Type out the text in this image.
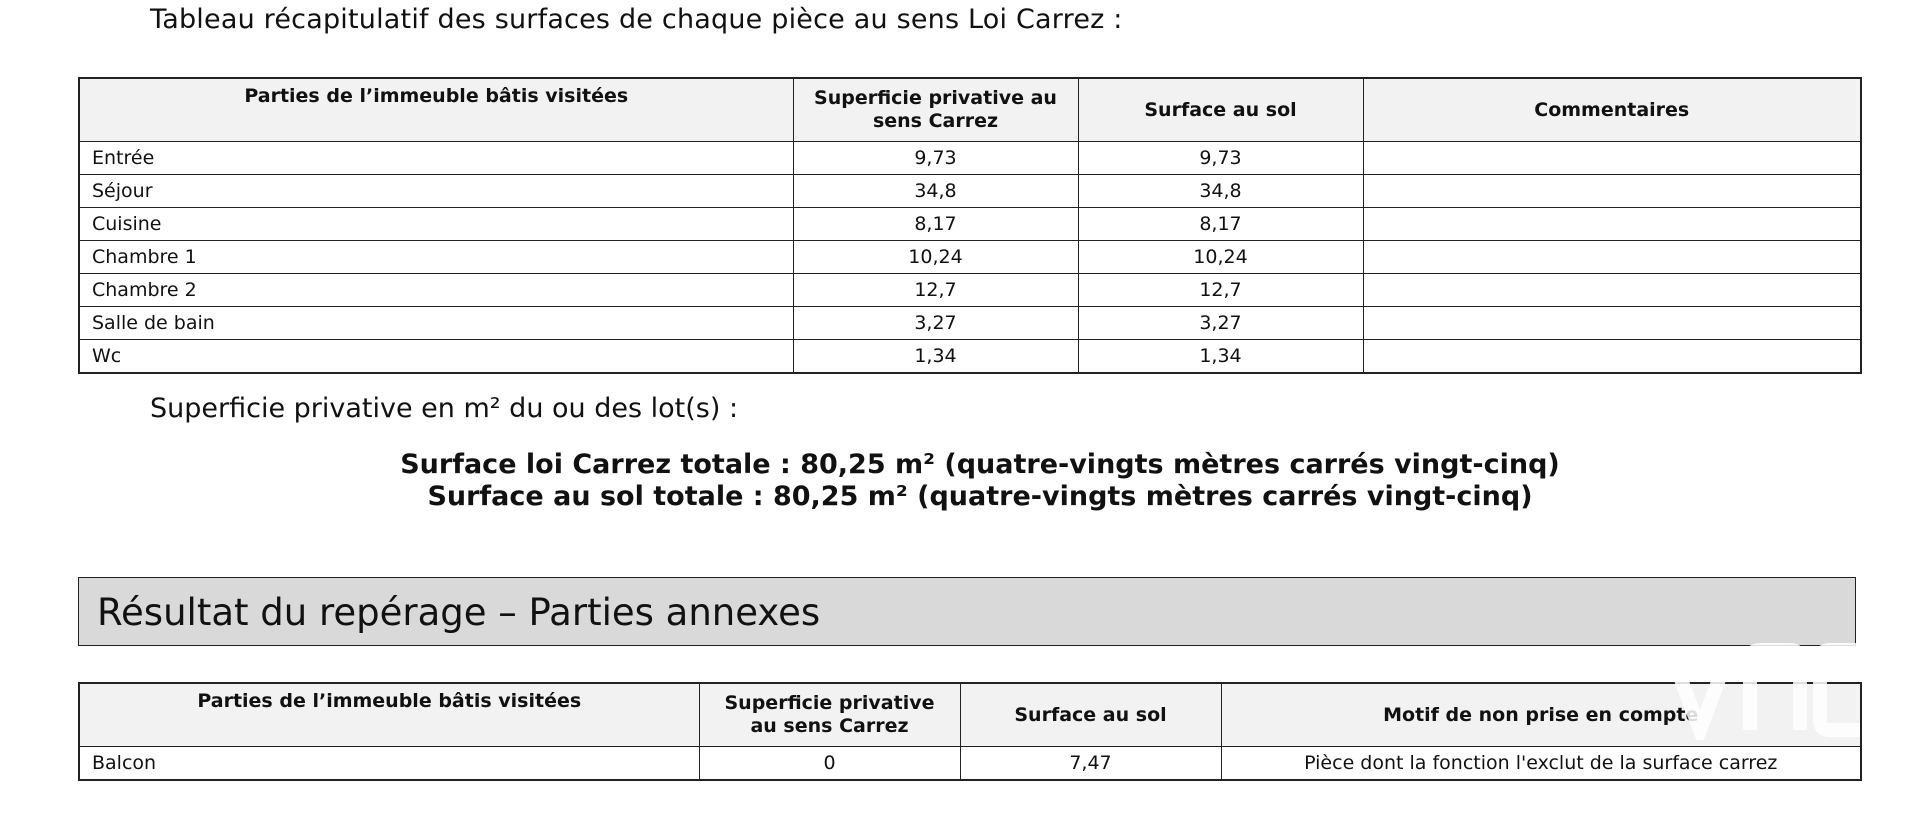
Tableau récapitulatif des surfaces de chaque pièce au sens Loi Carrez :
Parties de l’immeuble bâtis visitées	Superficie privative au sens Carrez	Surface au sol	Commentaires
Entrée	9,73	9,73	
Séjour	34,8	34,8	
Cuisine	8,17	8,17	
Chambre 1	10,24	10,24	
Chambre 2	12,7	12,7	
Salle de bain	3,27	3,27	
Wc	1,34	1,34	
Superficie privative en m² du ou des lot(s) :
Surface loi Carrez totale : 80,25 m² (quatre-vingts mètres carrés vingt-cinq)
Surface au sol totale : 80,25 m² (quatre-vingts mètres carrés vingt-cinq)
Résultat du repérage – Parties annexes
Parties de l’immeuble bâtis visitées	Superficie privative au sens Carrez	Surface au sol	Motif de non prise en compte
Balcon	0	7,47	Pièce dont la fonction l'exclut de la surface carrez
